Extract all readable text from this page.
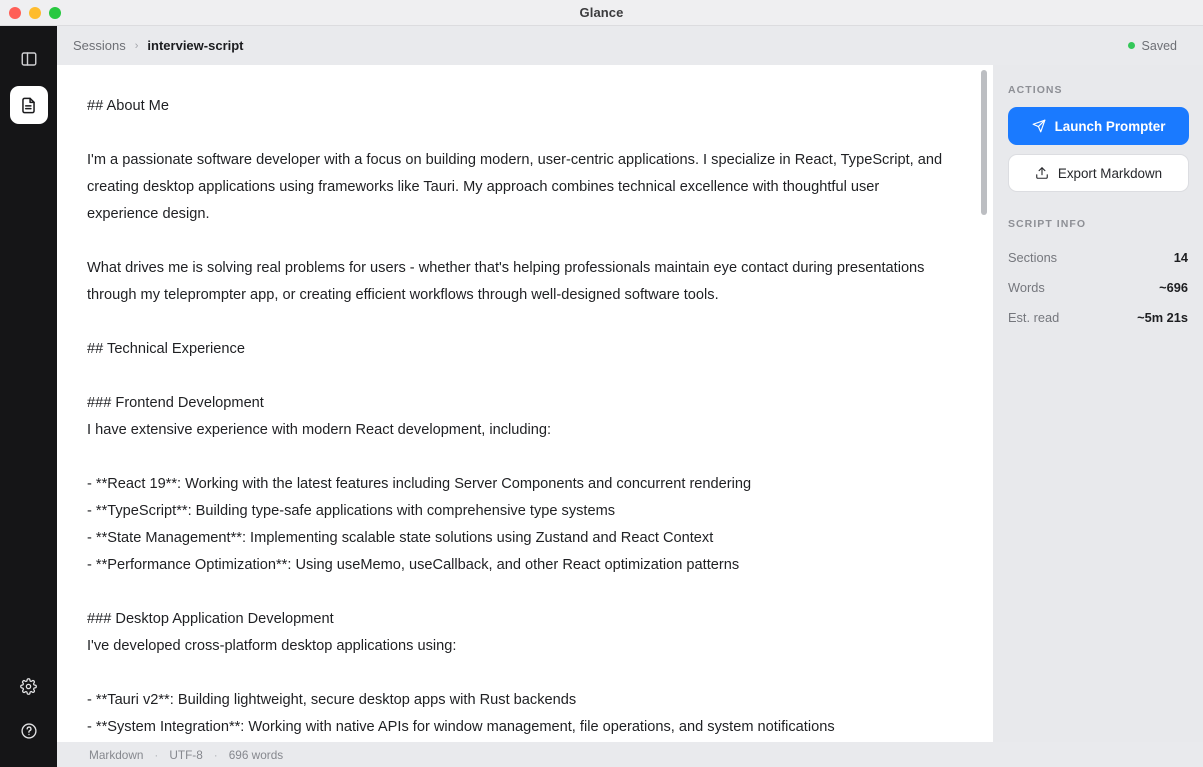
Glance
Sessions › interview-script	Saved

## About Me

I'm a passionate software developer with a focus on building modern, user-centric applications. I specialize in React, TypeScript, and creating desktop applications using frameworks like Tauri. My approach combines technical excellence with thoughtful user experience design.

What drives me is solving real problems for users - whether that's helping professionals maintain eye contact during presentations through my teleprompter app, or creating efficient workflows through well-designed software tools.

## Technical Experience

### Frontend Development

I have extensive experience with modern React development, including:

- **React 19**: Working with the latest features including Server Components and concurrent rendering

- **TypeScript**: Building type-safe applications with comprehensive type systems

- **State Management**: Implementing scalable state solutions using Zustand and React Context

- **Performance Optimization**: Using useMemo, useCallback, and other React optimization patterns

### Desktop Application Development

I've developed cross-platform desktop applications using:

- **Tauri v2**: Building lightweight, secure desktop apps with Rust backends

- **System Integration**: Working with native APIs for window management, file operations, and system notifications

Markdown · UTF-8 · 696 words
ACTIONS
Launch Prompter
Export Markdown
SCRIPT INFO
Sections	14
Words	~696
Est. read	~5m 21s
